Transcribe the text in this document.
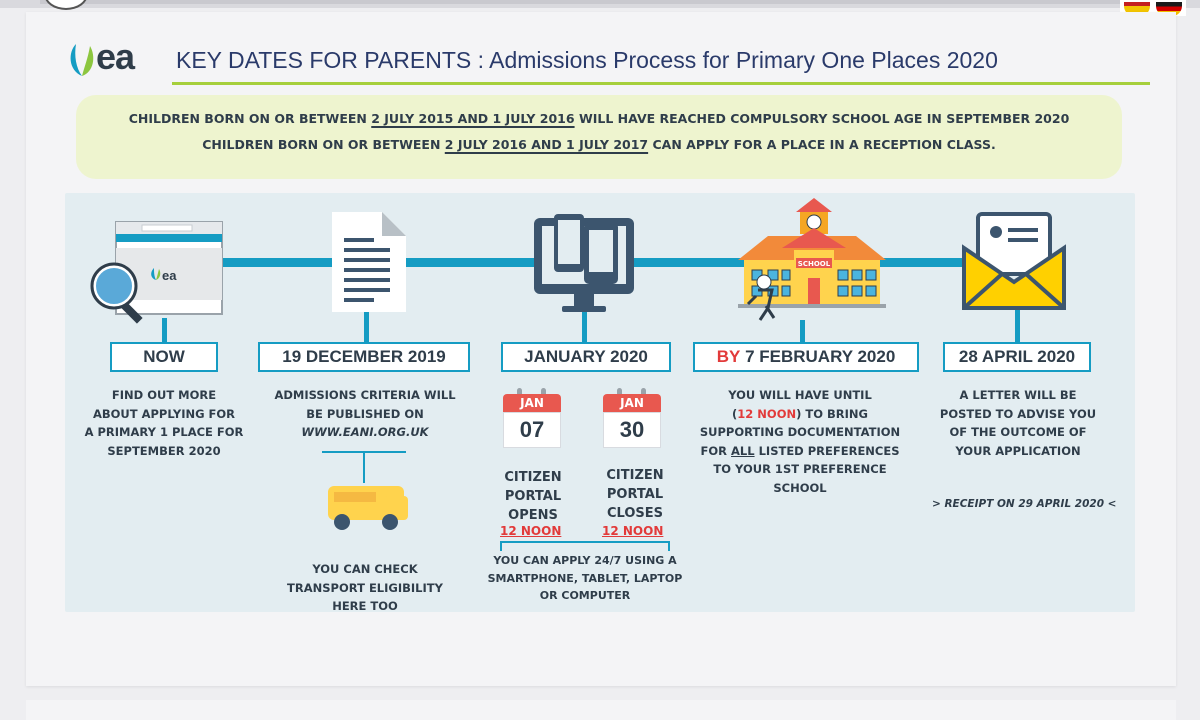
ea KEY DATES FOR PARENTS : Admissions Process for Primary One Places 2020
CHILDREN BORN ON OR BETWEEN 2 JULY 2015 AND 1 JULY 2016 WILL HAVE REACHED COMPULSORY SCHOOL AGE IN SEPTEMBER 2020
CHILDREN BORN ON OR BETWEEN 2 JULY 2016 AND 1 JULY 2017 CAN APPLY FOR A PLACE IN A RECEPTION CLASS.
ea
SCHOOL
NOW	19 DECEMBER 2019	JANUARY 2020	BY
7 FEBRUARY 2020	28 APRIL 2020
FIND OUT MORE
ABOUT APPLYING FOR
A PRIMARY 1 PLACE FOR
SEPTEMBER 2020
ADMISSIONS CRITERIA WILL
BE PUBLISHED ON
WWW.EANI.ORG.UK
YOU CAN CHECK
TRANSPORT ELIGIBILITY
HERE TOO
JAN
07
JAN
30
CITIZEN
PORTAL
OPENS
CITIZEN
PORTAL
CLOSES
12 NOON	12 NOON
YOU CAN APPLY 24/7 USING A
SMARTPHONE, TABLET, LAPTOP
OR COMPUTER
YOU WILL HAVE UNTIL
(12 NOON) TO BRING
SUPPORTING DOCUMENTATION
FOR ALL LISTED PREFERENCES
TO YOUR 1ST PREFERENCE
SCHOOL
A LETTER WILL BE
POSTED TO ADVISE YOU
OF THE OUTCOME OF
YOUR APPLICATION
> RECEIPT ON 29 APRIL 2020 <
